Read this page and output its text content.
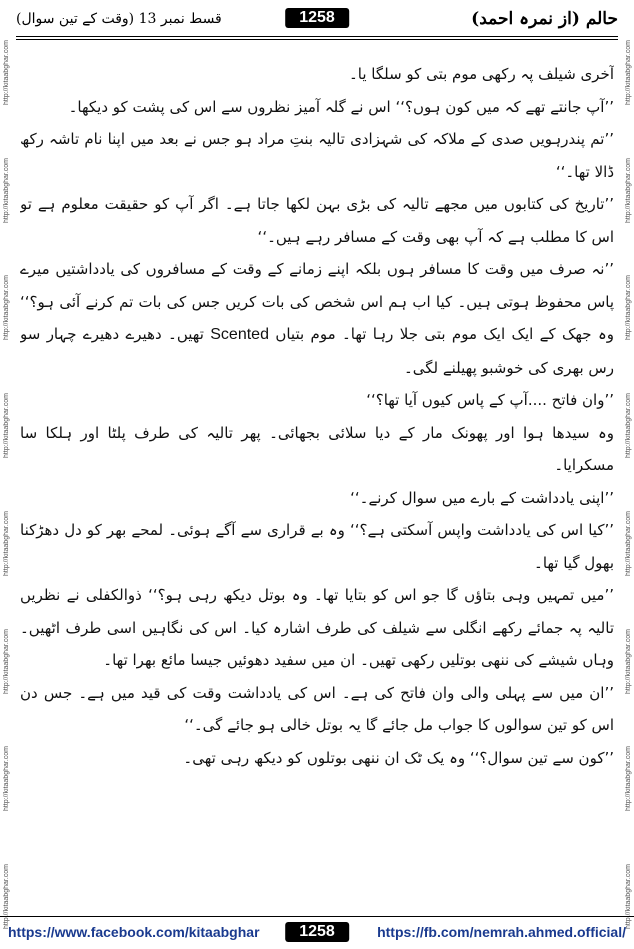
http://kitaabghar.com
http://kitaabghar.com
http://kitaabghar.com
http://kitaabghar.com
http://kitaabghar.com
http://kitaabghar.com
http://kitaabghar.com
http://kitaabghar.com
http://kitaabghar.com
http://kitaabghar.com
http://kitaabghar.com
http://kitaabghar.com
http://kitaabghar.com
http://kitaabghar.com
http://kitaabghar.com
http://kitaabghar.com
حالم (از نمرہ احمد)
1258
قسط نمبر 13 (وقت کے تین سوال)

آخری شیلف پہ رکھی موم بتی کو سلگا یا۔

’’آپ جانتے تھے کہ میں کون ہوں؟‘‘ اس نے گلہ آمیز نظروں سے اس کی پشت کو دیکھا۔

’’تم پندرہویں صدی کے ملاکہ کی شہزادی تالیہ بنتِ مراد ہو جس نے بعد میں اپنا نام تاشہ رکھ ڈالا تھا۔‘‘

’’تاریخ کی کتابوں میں مجھے تالیہ کی بڑی بہن لکھا جاتا ہے۔ اگر آپ کو حقیقت معلوم ہے تو اس کا مطلب ہے کہ آپ بھی وقت کے مسافر رہے ہیں۔‘‘

’’نہ صرف میں وقت کا مسافر ہوں بلکہ اپنے زمانے کے وقت کے مسافروں کی یادداشتیں میرے پاس محفوظ ہوتی ہیں۔ کیا اب ہم اس شخص کی بات کریں جس کی بات تم کرنے آئی ہو؟‘‘ وہ جھک کے ایک ایک موم بتی جلا رہا تھا۔ موم بتیاں Scented تھیں۔ دھیرے دھیرے چہار سو رس بھری کی خوشبو پھیلنے لگی۔

’’وان فاتح ....آپ کے پاس کیوں آیا تھا؟‘‘

وہ سیدھا ہوا اور پھونک مار کے دیا سلائی بجھائی۔ پھر تالیہ کی طرف پلٹا اور ہلکا سا مسکرایا۔

’’اپنی یادداشت کے بارے میں سوال کرنے۔‘‘

’’کیا اس کی یادداشت واپس آسکتی ہے؟‘‘ وہ بے قراری سے آگے ہوئی۔ لمحے بھر کو دل دھڑکنا بھول گیا تھا۔

’’میں تمہیں وہی بتاؤں گا جو اس کو بتایا تھا۔ وہ بوتل دیکھ رہی ہو؟‘‘ ذوالکفلی نے نظریں تالیہ پہ جمائے رکھے انگلی سے شیلف کی طرف اشارہ کیا۔ اس کی نگاہیں اسی طرف اٹھیں۔ وہاں شیشے کی ننھی بوتلیں رکھی تھیں۔ ان میں سفید دھوئیں جیسا مائع بھرا تھا۔

’’ان میں سے پہلی والی وان فاتح کی ہے۔ اس کی یادداشت وقت کی قید میں ہے۔ جس دن اس کو تین سوالوں کا جواب مل جائے گا یہ بوتل خالی ہو جائے گی۔‘‘

’’کون سے تین سوال؟‘‘ وہ یک ٹک ان ننھی بوتلوں کو دیکھ رہی تھی۔

https://www.facebook.com/kitaabghar	1258	https://fb.com/nemrah.ahmed.official/
